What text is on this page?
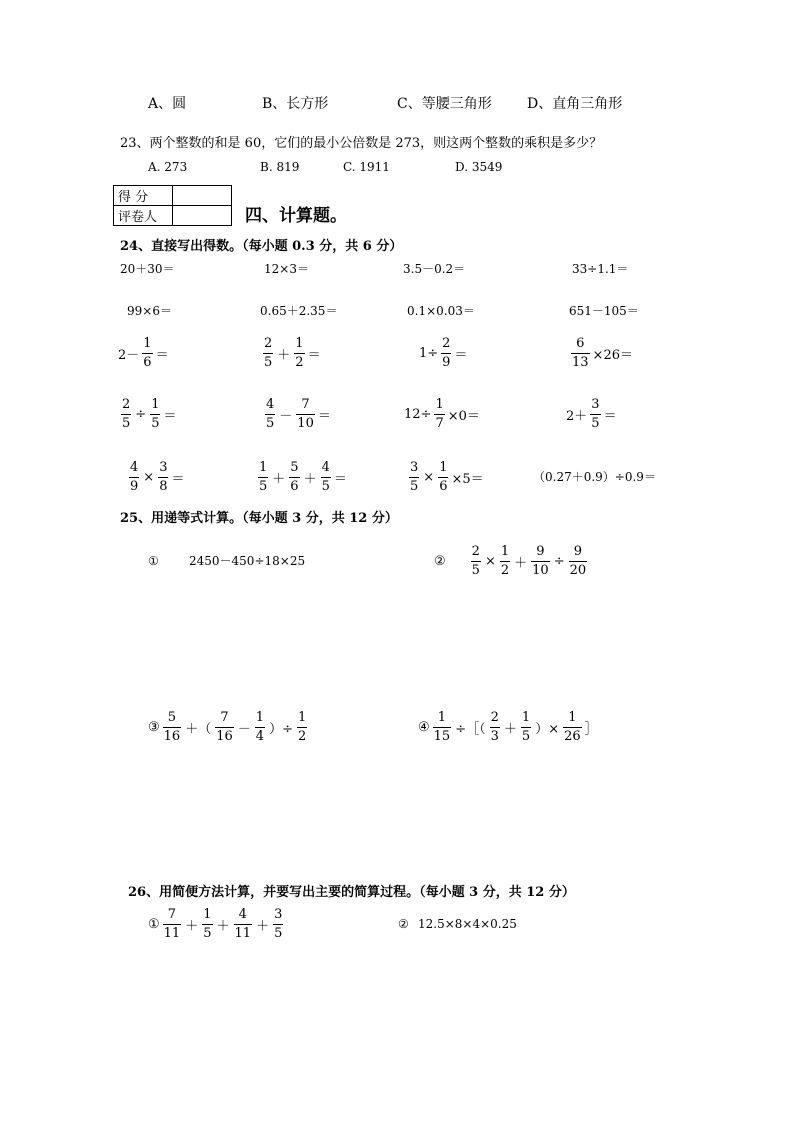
A、圆	B、长方形	C、等腰三角形	D、直角三角形
23、两个整数的和是 60，它们的最小公倍数是 273，则这两个整数的乘积是多少？
A. 273	B. 819	C. 1911	D. 3549
得 分	
评卷人		四、计算题。
24、直接写出得数。（每小题 0.3 分，共 6 分）
20＋30＝	12×3＝	3.5－0.2＝	33÷1.1＝
99×6＝	0.65＋2.35＝	0.1×0.03＝	651－105＝
$2- \frac{1}{6}$ ＝	$\frac{2}{5} + \frac{1}{2}$ ＝	$1\div \frac{2}{9}$ ＝	$\frac{6}{13} \times 26=$
$\frac{2}{5} \div \frac{1}{5}$ ＝	$\frac{4}{5} - \frac{7}{10}$ ＝	$12\div \frac{1}{7} \times 0=$	$2+ \frac{3}{5}$ ＝
$\frac{4}{9} \times \frac{3}{8}$ ＝	$\frac{1}{5} + \frac{5}{6} + \frac{4}{5}$ ＝	$\frac{3}{5} \times \frac{1}{6} \times 5=$	（0.27＋0.9）÷0.9＝
25、用递等式计算。（每小题 3 分，共 12 分）
①	2450－450÷18×25	② $\frac{2}{5} \times \frac{1}{2} + \frac{9}{10} \div \frac{9}{20}$
③ $\frac{5}{16}$ ＋（ $\frac{7}{16} - \frac{1}{4}$ ）÷ $\frac{1}{2}$	④ $\frac{1}{15}$ ÷［（ $\frac{2}{3} + \frac{1}{5}$ ）× $\frac{1}{26}$ ］
26、用简便方法计算，并要写出主要的简算过程。（每小题 3 分，共 12 分）
① $\frac{7}{11} + \frac{1}{5} + \frac{4}{11} + \frac{3}{5}$	② 12.5×8×4×0.25
